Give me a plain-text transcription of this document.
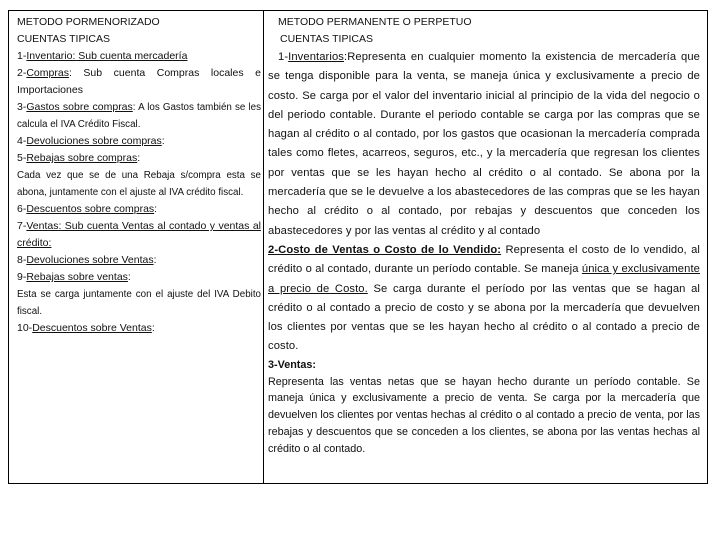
METODO PORMENORIZADO
CUENTAS TIPICAS
1-Inventario: Sub cuenta mercadería
2-Compras: Sub cuenta Compras locales e Importaciones
3-Gastos sobre compras: A los Gastos también se les calcula el IVA Crédito Fiscal.
4-Devoluciones sobre compras:
5-Rebajas sobre compras:
Cada vez que se de una Rebaja s/compra esta se abona, juntamente con el ajuste al IVA crédito fiscal.
6-Descuentos sobre compras:
7-Ventas: Sub cuenta Ventas al contado y ventas al crédito:
8-Devoluciones sobre Ventas:
9-Rebajas sobre ventas:
Esta se carga juntamente con el ajuste del IVA Debito fiscal.
10-Descuentos sobre Ventas:
METODO PERMANENTE O PERPETUO
CUENTAS TIPICAS
1-Inventarios:Representa en cualquier momento la existencia de mercadería que se tenga disponible para la venta, se maneja única y exclusivamente a precio de costo. Se carga por el valor del inventario inicial al principio de la vida del negocio o del periodo contable. Durante el periodo contable se carga por las compras que se hagan al crédito o al contado, por los gastos que ocasionan la mercadería comprada tales como fletes, acarreos, seguros, etc., y la mercadería que regresan los clientes por ventas que se les hayan hecho al crédito o al contado. Se abona por la mercadería que se le devuelve a los abastecedores de las compras que se les hayan hecho al crédito o al contado, por rebajas y descuentos que conceden los abastecedores y por las ventas al crédito y al contado
2-Costo de Ventas o Costo de lo Vendido: Representa el costo de lo vendido, al crédito o al contado, durante un período contable. Se maneja única y exclusivamente a precio de Costo. Se carga durante el período por las ventas que se hagan al crédito o al contado a precio de costo y se abona por la mercadería que devuelven los clientes por ventas que se les hayan hecho al crédito o al contado a precio de costo.
3-Ventas:
Representa las ventas netas que se hayan hecho durante un período contable. Se maneja única y exclusivamente a precio de venta. Se carga por la mercadería que devuelven los clientes por ventas hechas al crédito o al contado a precio de venta, por las rebajas y descuentos que se conceden a los clientes, se abona por las ventas hechas al crédito o al contado.
